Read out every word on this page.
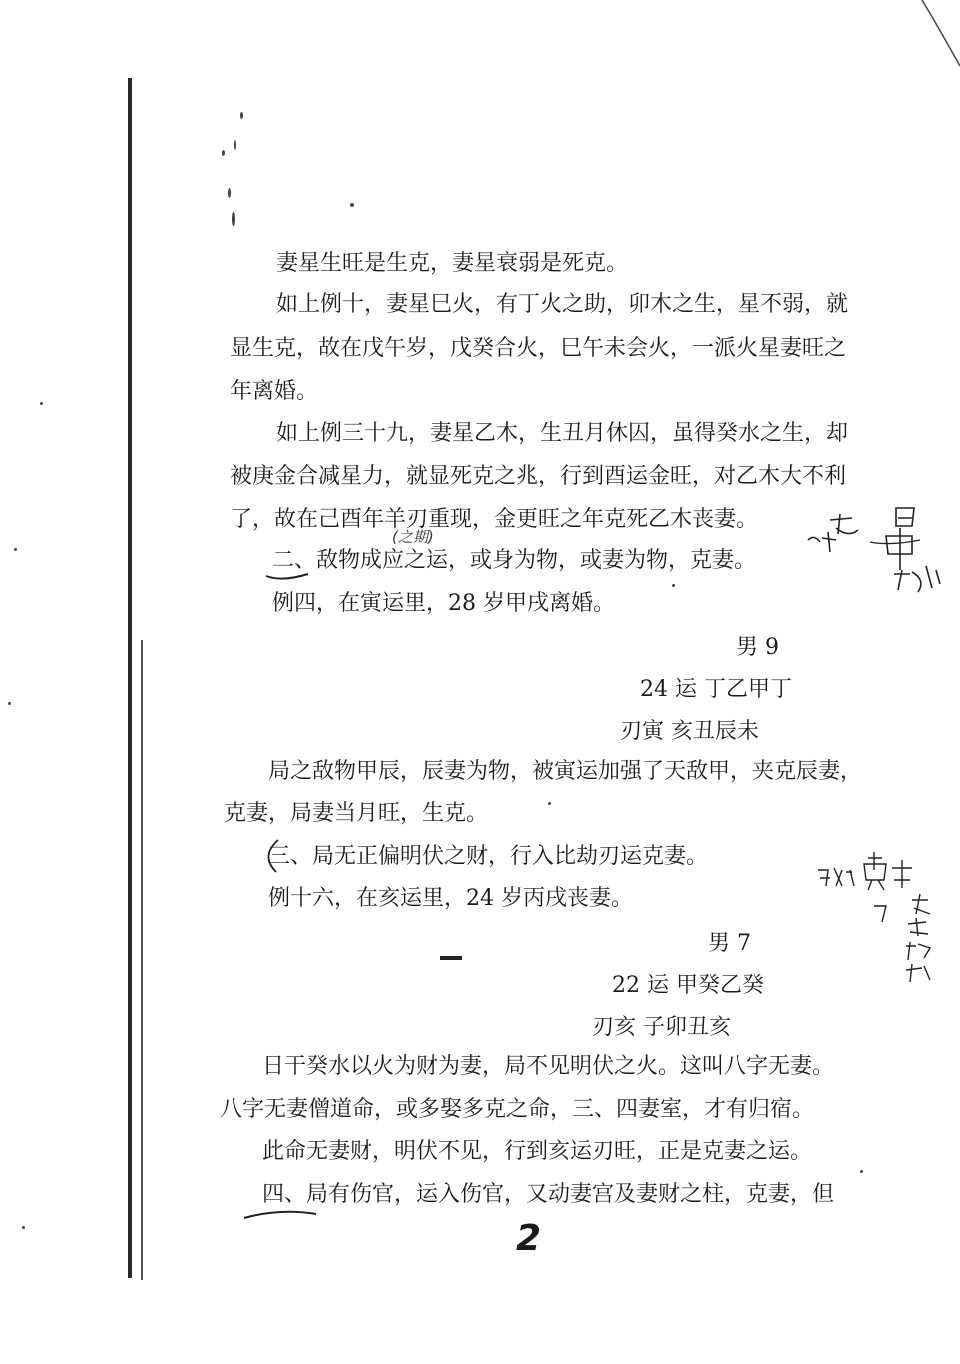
妻星生旺是生克，妻星衰弱是死克。
如上例十，妻星巳火，有丁火之助，卯木之生，星不弱，就
显生克，故在戊午岁，戊癸合火，巳午未会火，一派火星妻旺之
年离婚。
如上例三十九，妻星乙木，生丑月休囚，虽得癸水之生，却
被庚金合减星力，就显死克之兆，行到酉运金旺，对乙木大不利
了，故在己酉年羊刃重现，金更旺之年克死乙木丧妻。
(之期)
二、敌物成应之运，或身为物，或妻为物，克妻。
例四，在寅运里，28 岁甲戌离婚。
男 9
24 运 丁乙甲丁
刃寅 亥丑辰未
局之敌物甲辰，辰妻为物，被寅运加强了天敌甲，夹克辰妻，
克妻，局妻当月旺，生克。
三、局无正偏明伏之财，行入比劫刃运克妻。
例十六，在亥运里，24 岁丙戌丧妻。
男 7
22 运 甲癸乙癸
刃亥 子卯丑亥
日干癸水以火为财为妻，局不见明伏之火。这叫八字无妻。
八字无妻僧道命，或多娶多克之命，三、四妻室，才有归宿。
此命无妻财，明伏不见，行到亥运刃旺，正是克妻之运。
四、局有伤官，运入伤官，又动妻宫及妻财之柱，克妻，但
2
